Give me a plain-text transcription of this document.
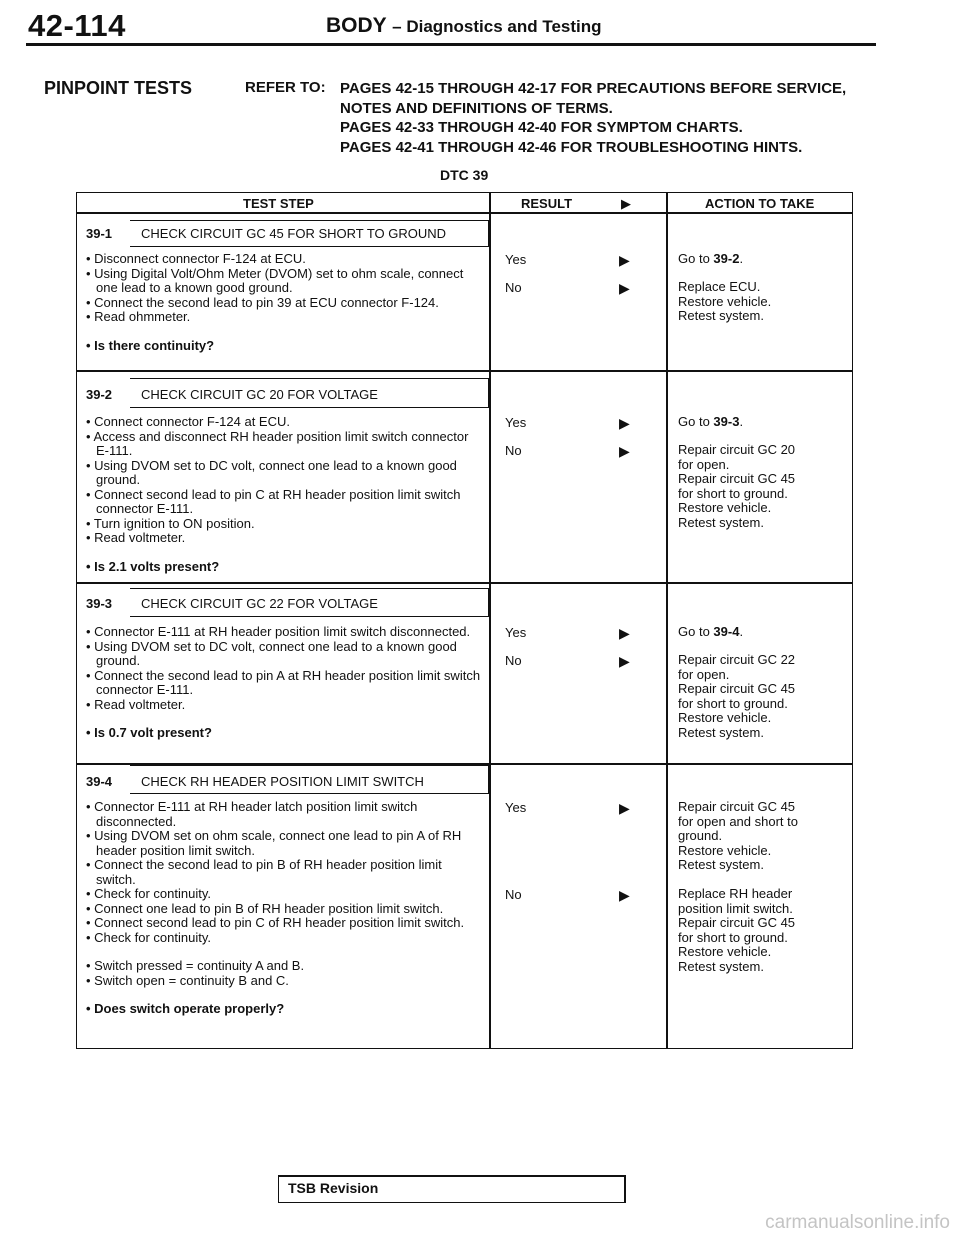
42-114	BODY – Diagnostics and Testing
PINPOINT TESTS	REFER TO: PAGES 42-15 THROUGH 42-17 FOR PRECAUTIONS BEFORE SERVICE,
NOTES AND DEFINITIONS OF TERMS.
PAGES 42-33 THROUGH 42-40 FOR SYMPTOM CHARTS.
PAGES 42-41 THROUGH 42-46 FOR TROUBLESHOOTING HINTS.
DTC 39
TEST STEP	RESULT	▶	ACTION TO TAKE
39-1 CHECK CIRCUIT GC 45 FOR SHORT TO GROUND
• Disconnect connector F-124 at ECU.
• Using Digital Volt/Ohm Meter (DVOM) set to ohm scale, connect one lead to a known good ground.
• Connect the second lead to pin 39 at ECU connector F-124.
• Read ohmmeter.
• Is there continuity?
Yes	▶	Go to 39-2.
No	▶	Replace ECU.
Restore vehicle.
Retest system.
39-2 CHECK CIRCUIT GC 20 FOR VOLTAGE
• Connect connector F-124 at ECU.
• Access and disconnect RH header position limit switch connector E-111.
• Using DVOM set to DC volt, connect one lead to a known good ground.
• Connect second lead to pin C at RH header position limit switch connector E-111.
• Turn ignition to ON position.
• Read voltmeter.
• Is 2.1 volts present?
Yes	▶	Go to 39-3.
No	▶	Repair circuit GC 20
for open.
Repair circuit GC 45
for short to ground.
Restore vehicle.
Retest system.
39-3 CHECK CIRCUIT GC 22 FOR VOLTAGE
• Connector E-111 at RH header position limit switch disconnected.
• Using DVOM set to DC volt, connect one lead to a known good ground.
• Connect the second lead to pin A at RH header position limit switch connector E-111.
• Read voltmeter.
• Is 0.7 volt present?
Yes	▶	Go to 39-4.
No	▶	Repair circuit GC 22
for open.
Repair circuit GC 45
for short to ground.
Restore vehicle.
Retest system.
39-4 CHECK RH HEADER POSITION LIMIT SWITCH
• Connector E-111 at RH header latch position limit switch disconnected.
• Using DVOM set on ohm scale, connect one lead to pin A of RH header position limit switch.
• Connect the second lead to pin B of RH header position limit switch.
• Check for continuity.
• Connect one lead to pin B of RH header position limit switch.
• Connect second lead to pin C of RH header position limit switch.
• Check for continuity.
• Switch pressed = continuity A and B.
• Switch open = continuity B and C.
• Does switch operate properly?
Yes	▶	Repair circuit GC 45
for open and short to
ground.
Restore vehicle.
Retest system.
No	▶	Replace RH header
position limit switch.
Repair circuit GC 45
for short to ground.
Restore vehicle.
Retest system.
TSB Revision
carmanualsonline.info
